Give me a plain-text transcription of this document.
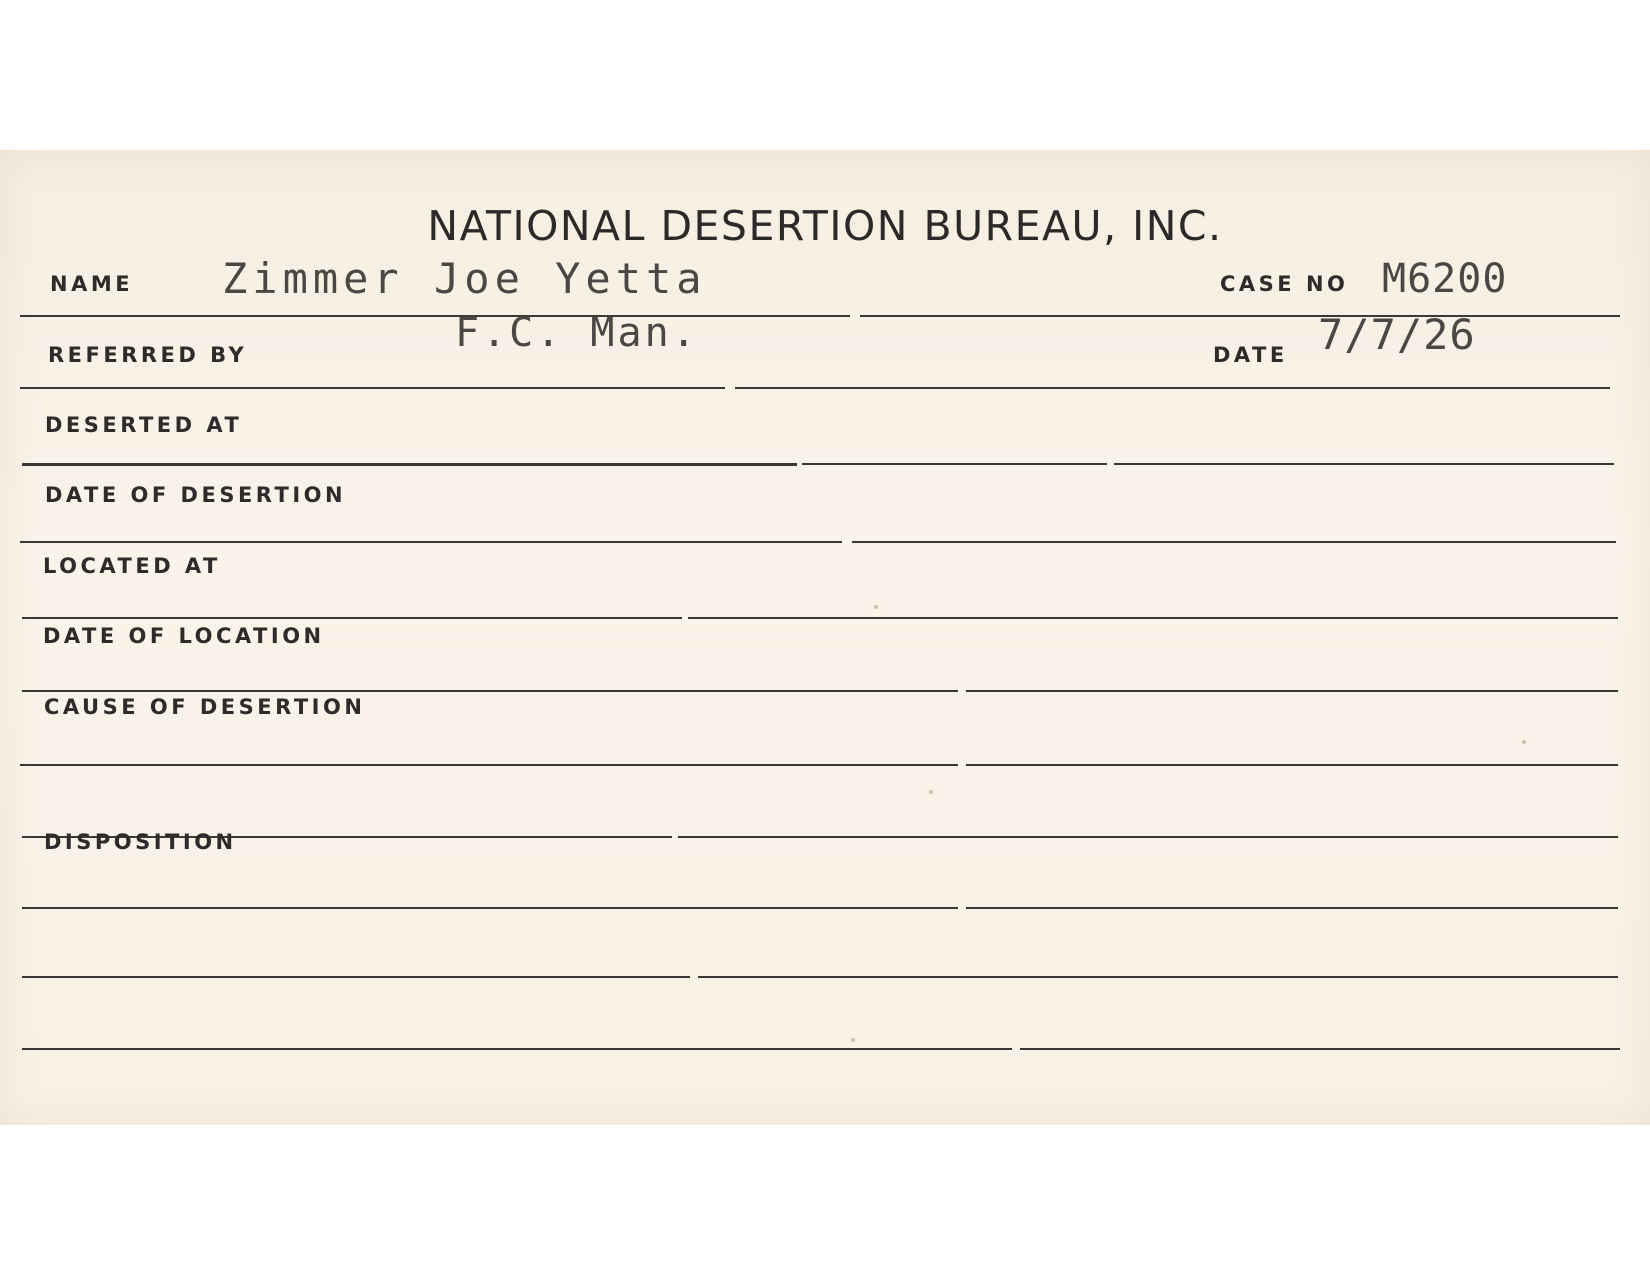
NATIONAL DESERTION BUREAU, INC.
NAME Zimmer Joe Yetta	CASE NO M6200
REFERRED BY	F.C. Man.	DATE 7/7/26
DESERTED AT
DATE OF DESERTION
LOCATED AT
DATE OF LOCATION
CAUSE OF DESERTION
DISPOSITION
